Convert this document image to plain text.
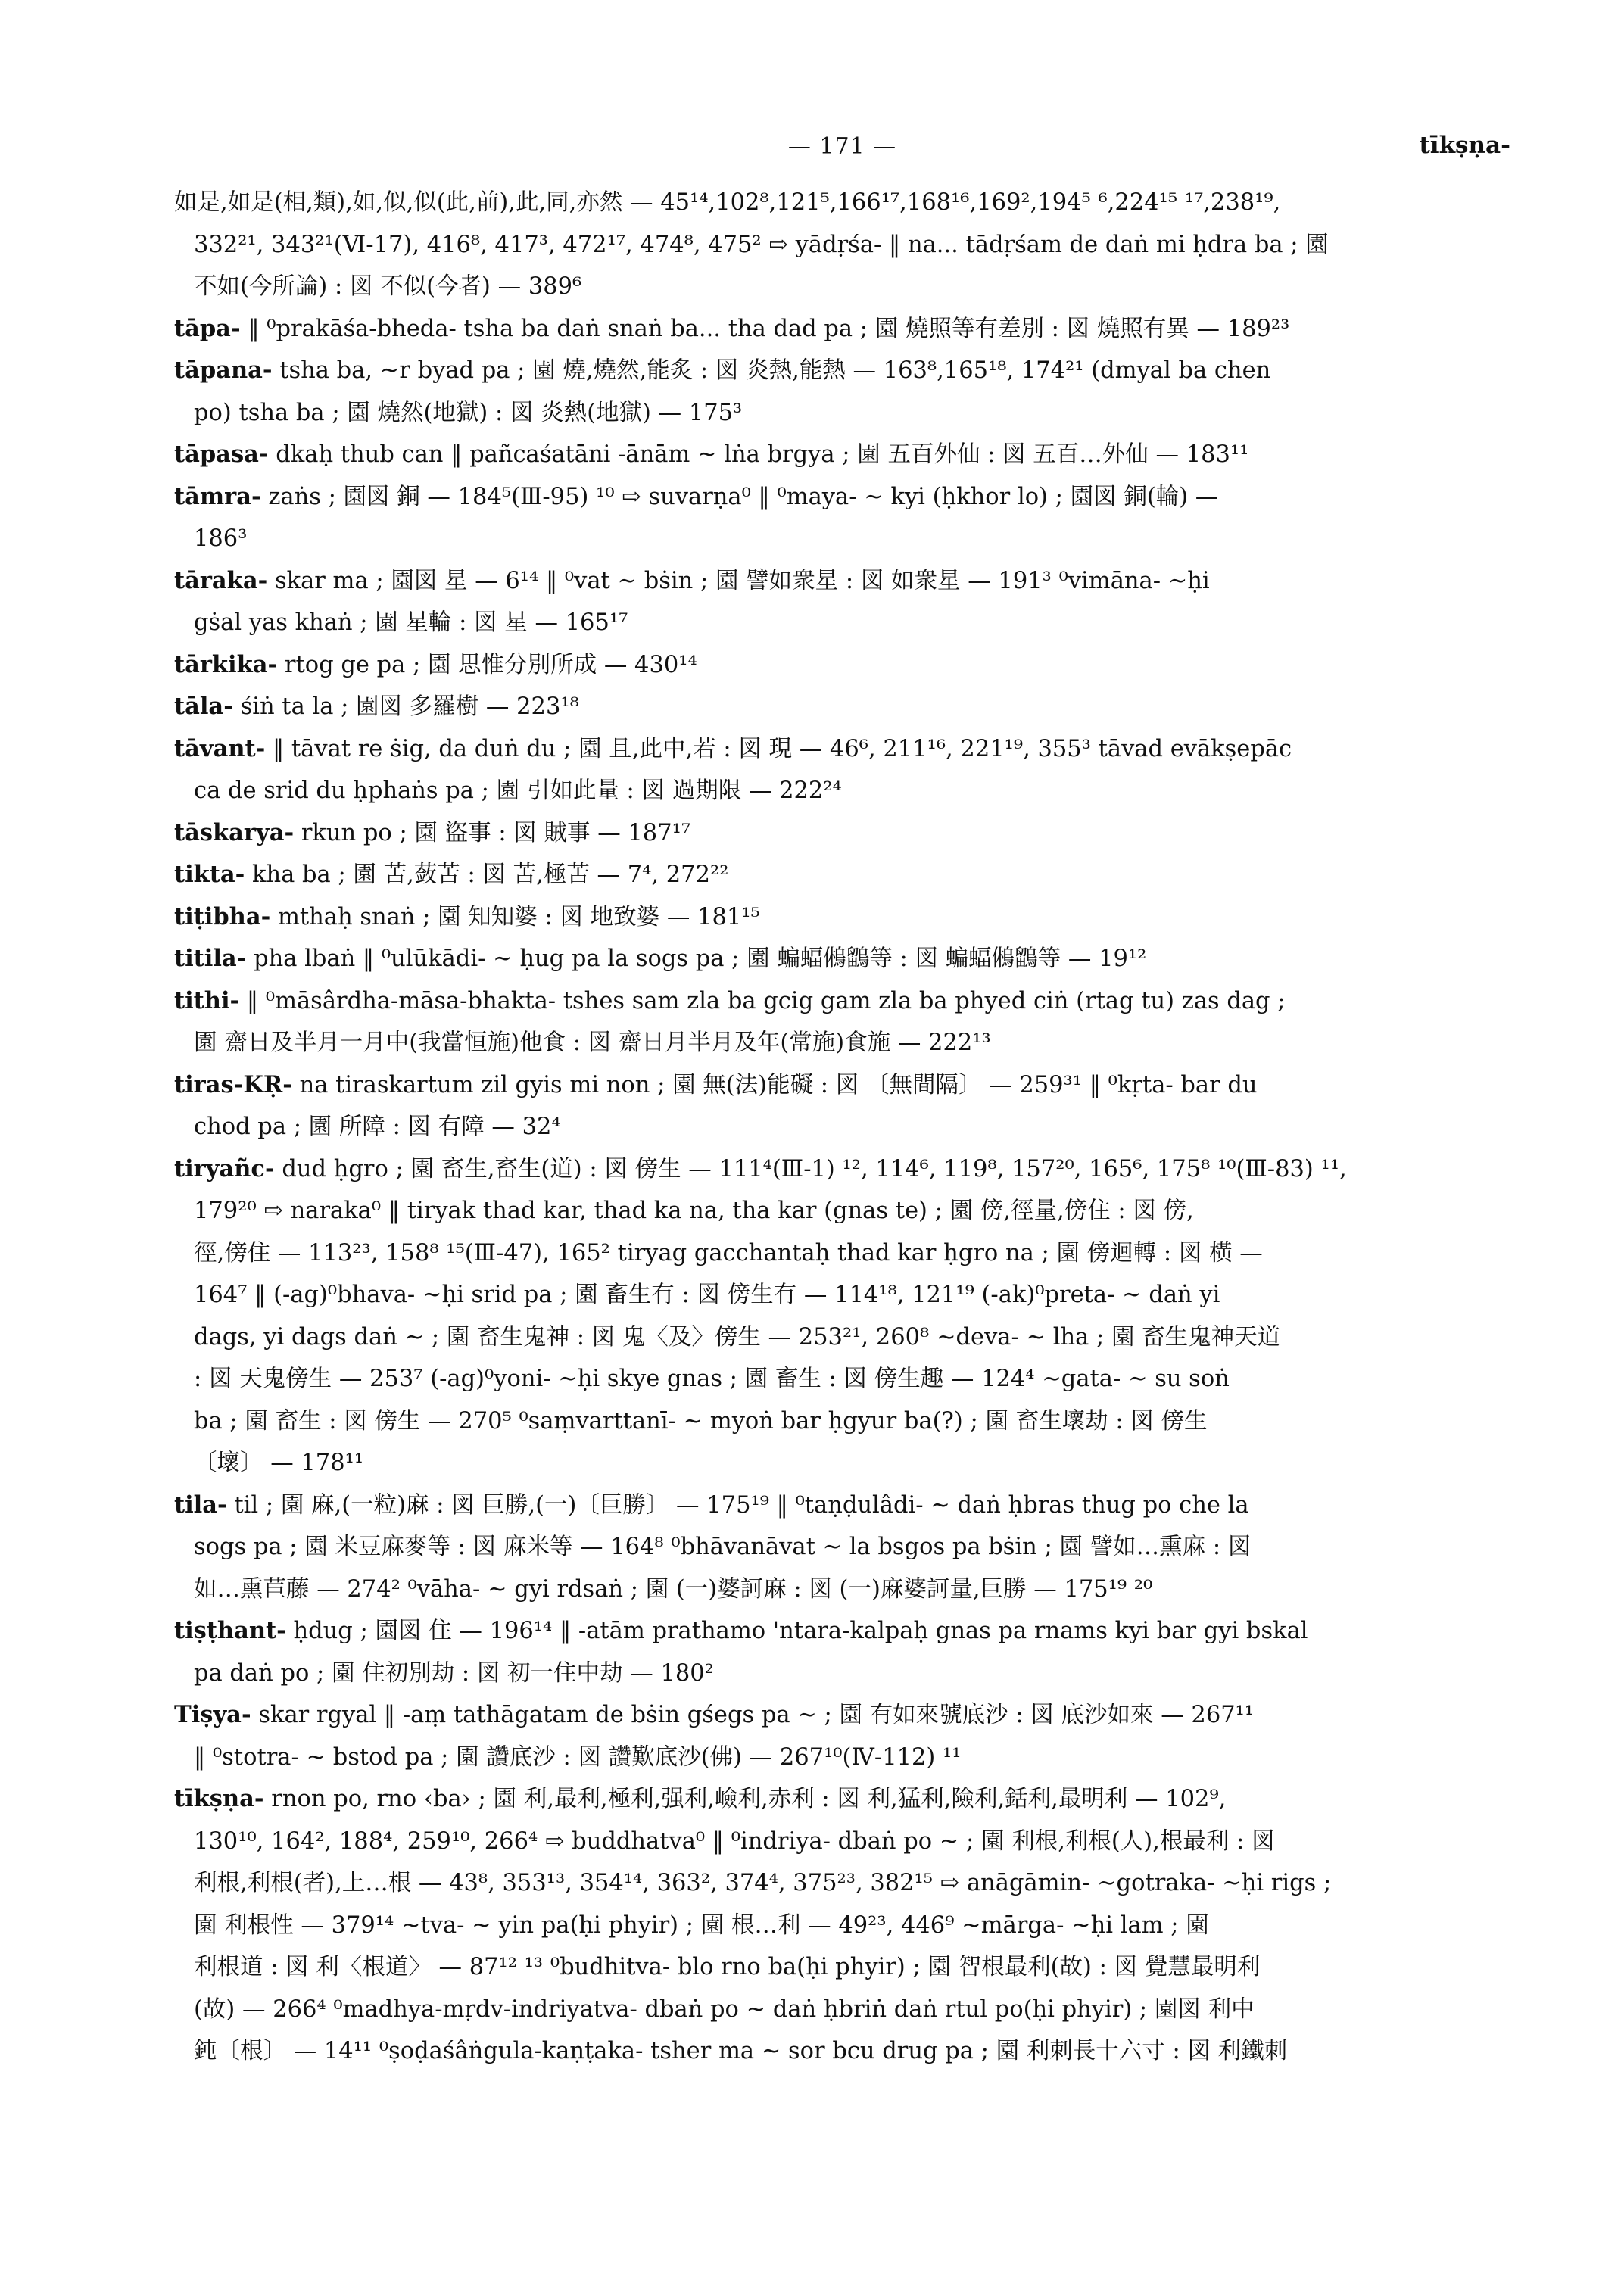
— 171 —	tīkṣṇa-
如是,如是(相,類),如,似,似(此,前),此,同,亦然 — 45¹⁴,102⁸,121⁵,166¹⁷,168¹⁶,169²,194⁵ ⁶,224¹⁵ ¹⁷,238¹⁹,
332²¹, 343²¹(Ⅵ-17), 416⁸, 417³, 472¹⁷, 474⁸, 475² ⇨ yādṛśa- ‖ na... tādṛśam de daṅ mi ḥdra ba ; 園
不如(今所論) : 図 不似(今者) — 389⁶
tāpa- ‖ ⁰prakāśa-bheda- tsha ba daṅ snaṅ ba... tha dad pa ; 園 燒照等有差別 : 図 燒照有異 — 189²³
tāpana- tsha ba, ~r byad pa ; 園 燒,燒然,能炙 : 図 炎熱,能熱 — 163⁸,165¹⁸, 174²¹ (dmyal ba chen
po) tsha ba ; 園 燒然(地獄) : 図 炎熱(地獄) — 175³
tāpasa- dkaḥ thub can ‖ pañcaśatāni -ānām ~ lṅa brgya ; 園 五百外仙 : 図 五百…外仙 — 183¹¹
tāmra- zaṅs ; 園図 銅 — 184⁵(Ⅲ-95) ¹⁰ ⇨ suvarṇa⁰ ‖ ⁰maya- ~ kyi (ḥkhor lo) ; 園図 銅(輪) —
186³
tāraka- skar ma ; 園図 星 — 6¹⁴ ‖ ⁰vat ~ bṡin ; 園 譬如衆星 : 図 如衆星 — 191³ ⁰vimāna- ~ḥi
gṡal yas khaṅ ; 園 星輪 : 図 星 — 165¹⁷
tārkika- rtog ge pa ; 園 思惟分別所成 — 430¹⁴
tāla- śiṅ ta la ; 園図 多羅樹 — 223¹⁸
tāvant- ‖ tāvat re ṡig, da duṅ du ; 園 且,此中,若 : 図 現 — 46⁶, 211¹⁶, 221¹⁹, 355³ tāvad evākṣepāc
ca de srid du ḥphaṅs pa ; 園 引如此量 : 図 過期限 — 222²⁴
tāskarya- rkun po ; 園 盜事 : 図 賊事 — 187¹⁷
tikta- kha ba ; 園 苦,蔹苦 : 図 苦,極苦 — 7⁴, 272²²
tiṭibha- mthaḥ snaṅ ; 園 知知婆 : 図 地致婆 — 181¹⁵
titila- pha lbaṅ ‖ ⁰ulūkādi- ~ ḥug pa la sogs pa ; 園 蝙蝠鵂鶹等 : 図 蝙蝠鵂鶹等 — 19¹²
tithi- ‖ ⁰māsârdha-māsa-bhakta- tshes sam zla ba gcig gam zla ba phyed ciṅ (rtag tu) zas dag ;
園 齋日及半月一月中(我當恒施)他食 : 図 齋日月半月及年(常施)食施 — 222¹³
tiras-KṚ- na tiraskartum zil gyis mi non ; 園 無(法)能礙 : 図 〔無間隔〕 — 259³¹ ‖ ⁰kṛta- bar du
chod pa ; 園 所障 : 図 有障 — 32⁴
tiryañc- dud ḥgro ; 園 畜生,畜生(道) : 図 傍生 — 111⁴(Ⅲ-1) ¹², 114⁶, 119⁸, 157²⁰, 165⁶, 175⁸ ¹⁰(Ⅲ-83) ¹¹,
179²⁰ ⇨ naraka⁰ ‖ tiryak thad kar, thad ka na, tha kar (gnas te) ; 園 傍,徑量,傍住 : 図 傍,
徑,傍住 — 113²³, 158⁸ ¹⁵(Ⅲ-47), 165² tiryag gacchantaḥ thad kar ḥgro na ; 園 傍迴轉 : 図 橫 —
164⁷ ‖ (-ag)⁰bhava- ~ḥi srid pa ; 園 畜生有 : 図 傍生有 — 114¹⁸, 121¹⁹ (-ak)⁰preta- ~ daṅ yi
dags, yi dags daṅ ~ ; 園 畜生鬼神 : 図 鬼〈及〉傍生 — 253²¹, 260⁸ ∼deva- ~ lha ; 園 畜生鬼神天道
: 図 天鬼傍生 — 253⁷ (-ag)⁰yoni- ~ḥi skye gnas ; 園 畜生 : 図 傍生趣 — 124⁴ ∼gata- ~ su soṅ
ba ; 園 畜生 : 図 傍生 — 270⁵ ⁰saṃvarttanī- ~ myoṅ bar ḥgyur ba(?) ; 園 畜生壞劫 : 図 傍生
〔壞〕 — 178¹¹
tila- til ; 園 麻,(一粒)麻 : 図 巨勝,(一)〔巨勝〕 — 175¹⁹ ‖ ⁰taṇḍulâdi- ~ daṅ ḥbras thug po che la
sogs pa ; 園 米豆麻麥等 : 図 麻米等 — 164⁸ ⁰bhāvanāvat ~ la bsgos pa bṡin ; 園 譬如…熏麻 : 図
如…熏苣藤 — 274² ⁰vāha- ~ gyi rdsaṅ ; 園 (一)婆訶麻 : 図 (一)麻婆訶量,巨勝 — 175¹⁹ ²⁰
tiṣṭhant- ḥdug ; 園図 住 — 196¹⁴ ‖ -atām prathamo 'ntara-kalpaḥ gnas pa rnams kyi bar gyi bskal
pa daṅ po ; 園 住初別劫 : 図 初一住中劫 — 180²
Tiṣya- skar rgyal ‖ -aṃ tathāgatam de bṡin gśegs pa ~ ; 園 有如來號底沙 : 図 底沙如來 — 267¹¹
‖ ⁰stotra- ~ bstod pa ; 園 讚底沙 : 図 讚歎底沙(佛) — 267¹⁰(Ⅳ-112) ¹¹
tīkṣṇa- rnon po, rno ‹ba› ; 園 利,最利,極利,强利,嶮利,赤利 : 図 利,猛利,險利,銛利,最明利 — 102⁹,
130¹⁰, 164², 188⁴, 259¹⁰, 266⁴ ⇨ buddhatva⁰ ‖ ⁰indriya- dbaṅ po ~ ; 園 利根,利根(人),根最利 : 図
利根,利根(者),上…根 — 43⁸, 353¹³, 354¹⁴, 363², 374⁴, 375²³, 382¹⁵ ⇨ anāgāmin- ∼gotraka- ~ḥi rigs ;
園 利根性 — 379¹⁴ ∼tva- ~ yin pa(ḥi phyir) ; 園 根…利 — 49²³, 446⁹ ∼mārga- ~ḥi lam ; 園
利根道 : 図 利〈根道〉 — 87¹² ¹³ ⁰budhitva- blo rno ba(ḥi phyir) ; 園 智根最利(故) : 図 覺慧最明利
(故) — 266⁴ ⁰madhya-mṛdv-indriyatva- dbaṅ po ~ daṅ ḥbriṅ daṅ rtul po(ḥi phyir) ; 園図 利中
鈍〔根〕 — 14¹¹ ⁰ṣoḍaśâṅgula-kaṇṭaka- tsher ma ~ sor bcu drug pa ; 園 利刺長十六寸 : 図 利鐵刺
